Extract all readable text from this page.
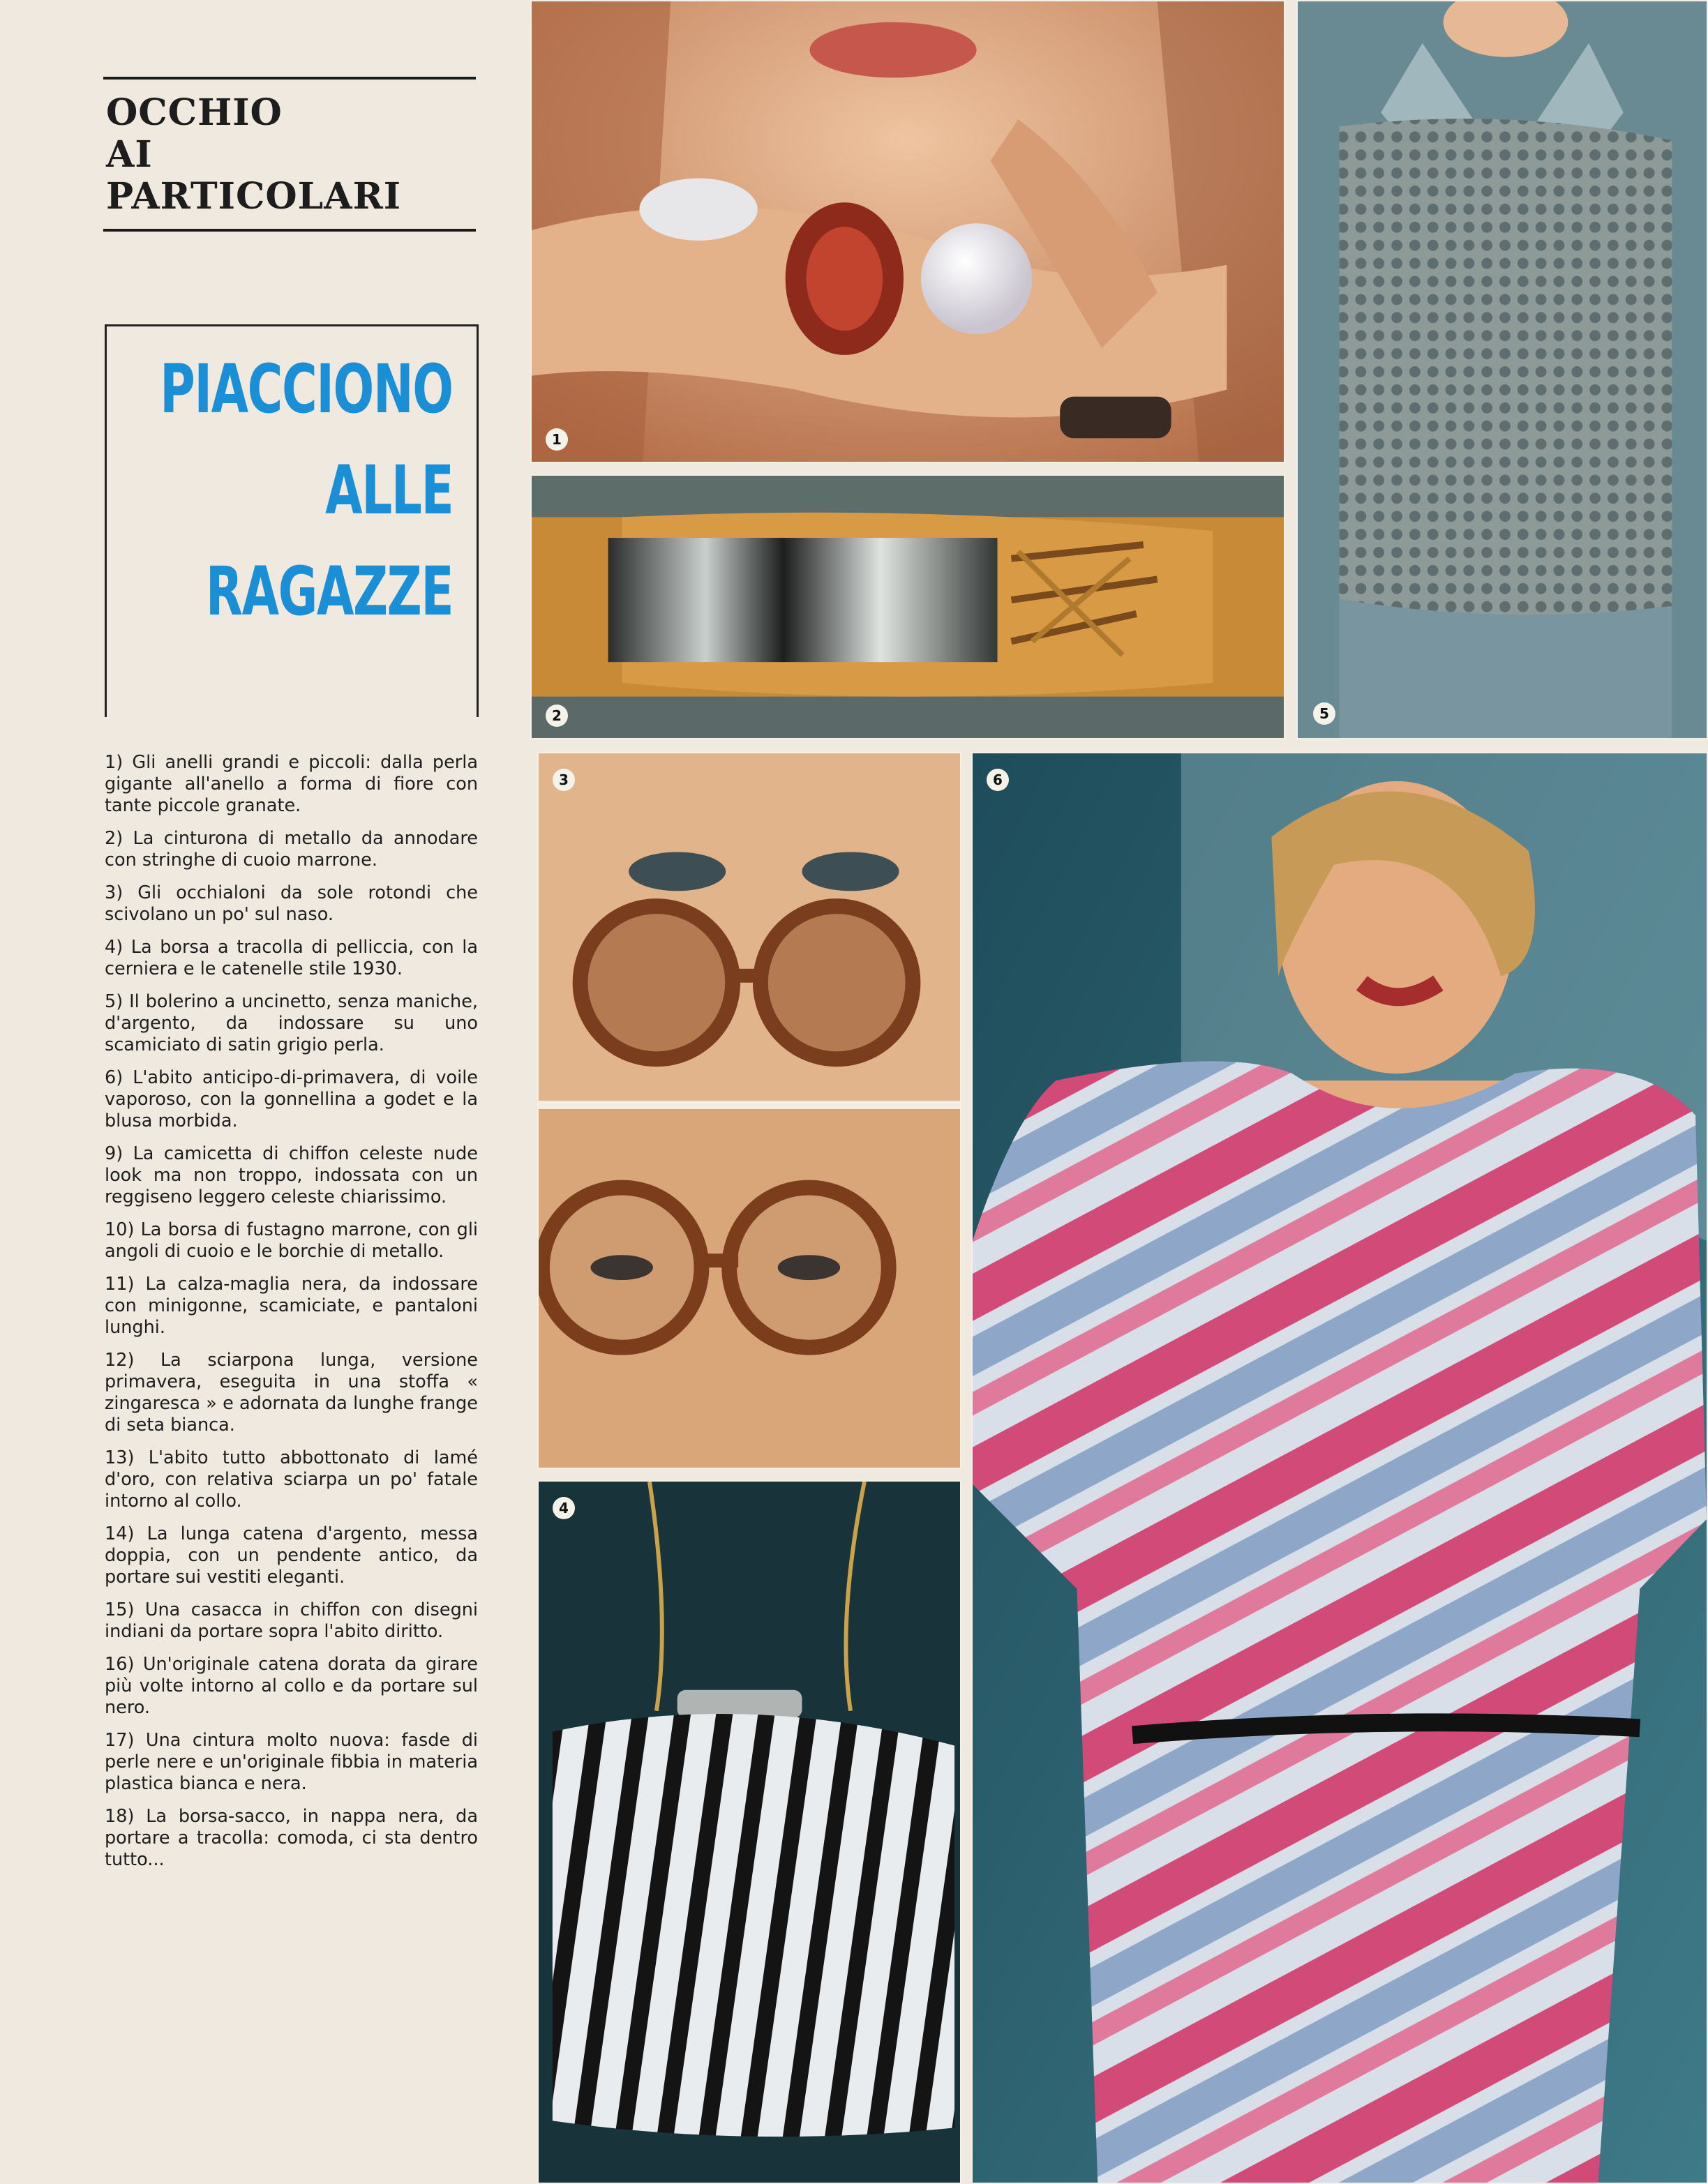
OCCHIO
AI
PARTICOLARI
PIACCIONO
ALLE
RAGAZZE

1) Gli anelli grandi e piccoli: dalla perla gigante all'anello a forma di fiore con tante piccole granate.

2) La cinturona di metallo da annodare con stringhe di cuoio marrone.

3) Gli occhialoni da sole rotondi che scivolano un po' sul naso.

4) La borsa a tracolla di pelliccia, con la cerniera e le catenelle stile 1930.

5) Il bolerino a uncinetto, senza maniche, d'argento, da indossare su uno scamiciato di satin grigio perla.

6) L'abito anticipo-di-primavera, di voile vaporoso, con la gonnellina a godet e la blusa morbida.

9) La camicetta di chiffon celeste nude look ma non troppo, indossata con un reggiseno leggero celeste chiarissimo.

10) La borsa di fustagno marrone, con gli angoli di cuoio e le borchie di metallo.

11) La calza-maglia nera, da indossare con minigonne, scamiciate, e pantaloni lunghi.

12) La sciarpona lunga, versione primavera, eseguita in una stoffa « zingaresca » e adornata da lunghe frange di seta bianca.

13) L'abito tutto abbottonato di lamé d'oro, con relativa sciarpa un po' fatale intorno al collo.

14) La lunga catena d'argento, messa doppia, con un pendente antico, da portare sui vestiti eleganti.

15) Una casacca in chiffon con disegni indiani da portare sopra l'abito diritto.

16) Un'originale catena dorata da girare più volte intorno al collo e da portare sul nero.

17) Una cintura molto nuova: fasde di perle nere e un'originale fibbia in materia plastica bianca e nera.

18) La borsa-sacco, in nappa nera, da portare a tracolla: comoda, ci sta dentro tutto...

1
2	5
3
4
6
